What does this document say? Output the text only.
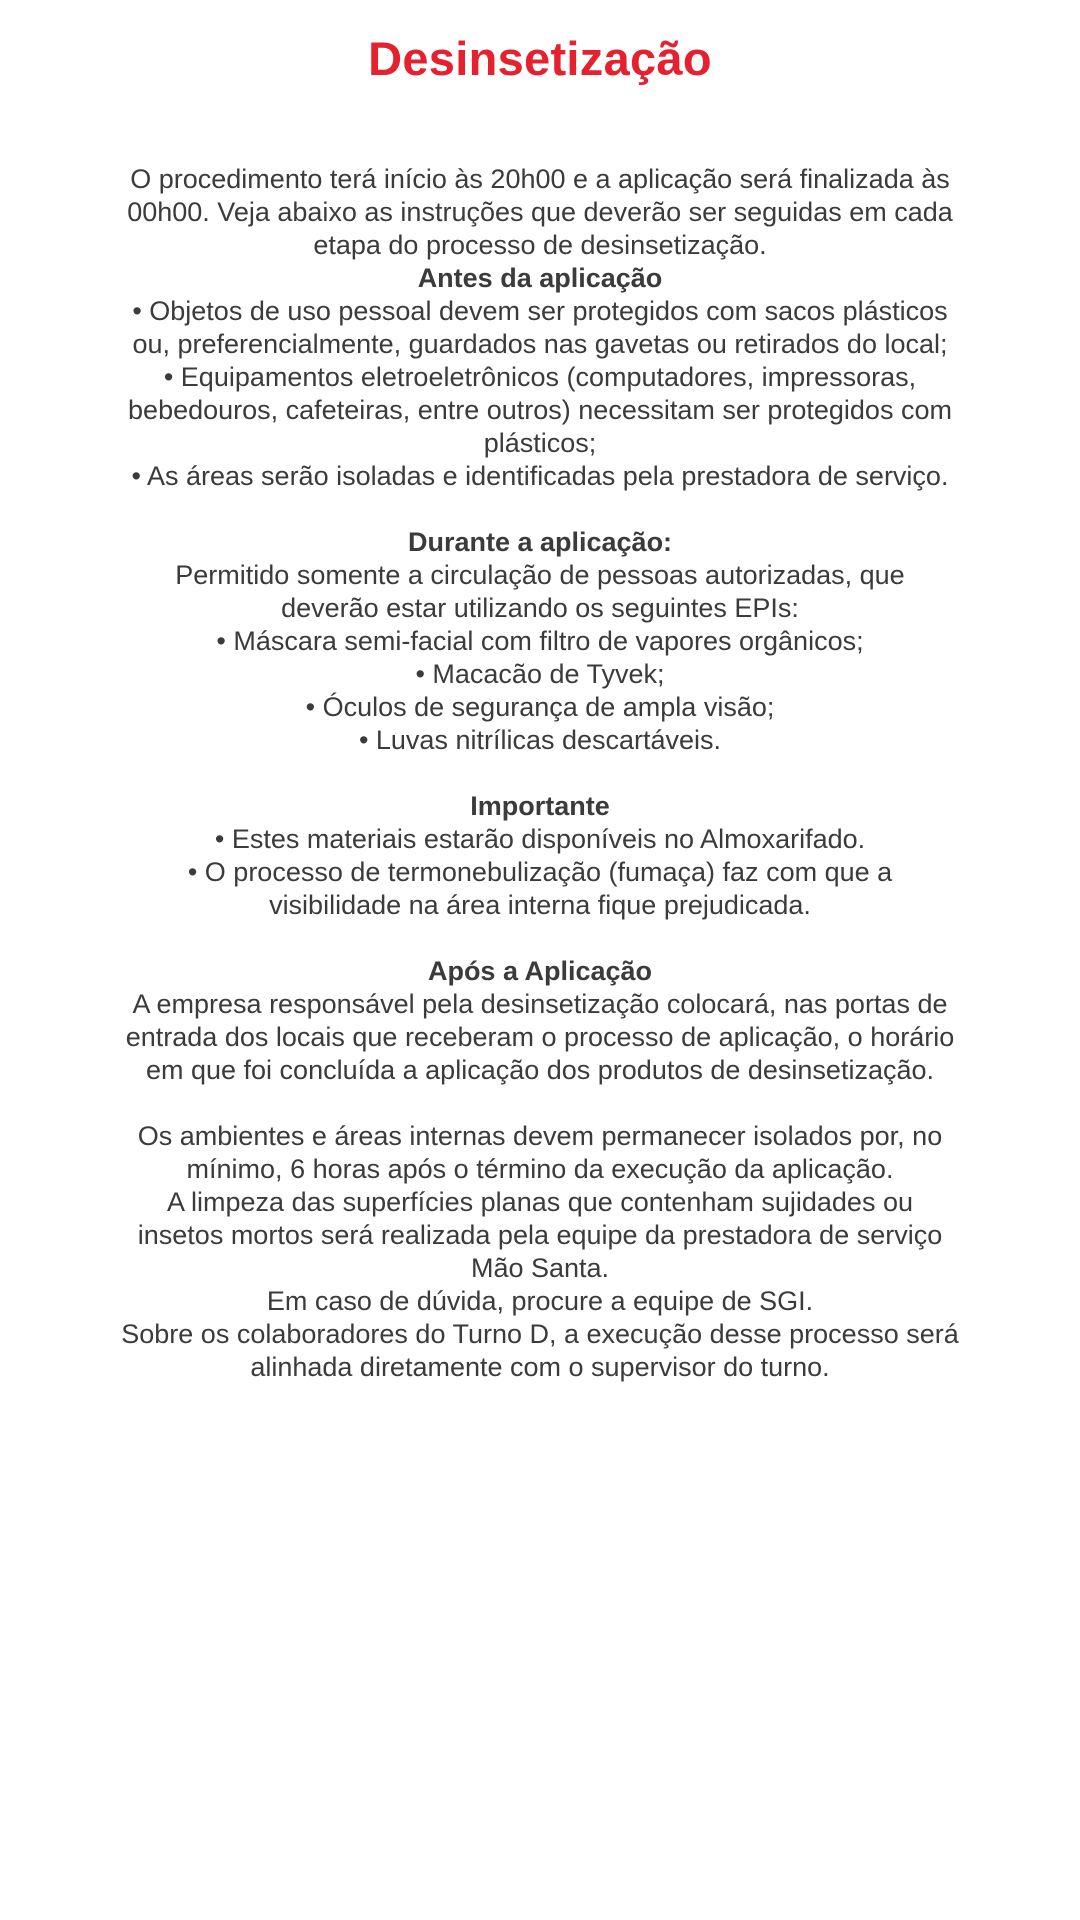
Desinsetização

O procedimento terá início às 20h00 e a aplicação será finalizada às
00h00. Veja abaixo as instruções que deverão ser seguidas em cada
etapa do processo de desinsetização.

Antes da aplicação
• Objetos de uso pessoal devem ser protegidos com sacos plásticos
ou, preferencialmente, guardados nas gavetas ou retirados do local;
• Equipamentos eletroeletrônicos (computadores, impressoras,
bebedouros, cafeteiras, entre outros) necessitam ser protegidos com
plásticos;
• As áreas serão isoladas e identificadas pela prestadora de serviço.
Durante a aplicação:
Permitido somente a circulação de pessoas autorizadas, que
deverão estar utilizando os seguintes EPIs:
• Máscara semi-facial com filtro de vapores orgânicos;
• Macacão de Tyvek;
• Óculos de segurança de ampla visão;
• Luvas nitrílicas descartáveis.
Importante
• Estes materiais estarão disponíveis no Almoxarifado.
• O processo de termonebulização (fumaça) faz com que a
visibilidade na área interna fique prejudicada.
Após a Aplicação
A empresa responsável pela desinsetização colocará, nas portas de
entrada dos locais que receberam o processo de aplicação, o horário
em que foi concluída a aplicação dos produtos de desinsetização.

Os ambientes e áreas internas devem permanecer isolados por, no
mínimo, 6 horas após o término da execução da aplicação.

A limpeza das superfícies planas que contenham sujidades ou
insetos mortos será realizada pela equipe da prestadora de serviço
Mão Santa.

Em caso de dúvida, procure a equipe de SGI.

Sobre os colaboradores do Turno D, a execução desse processo será
alinhada diretamente com o supervisor do turno.
